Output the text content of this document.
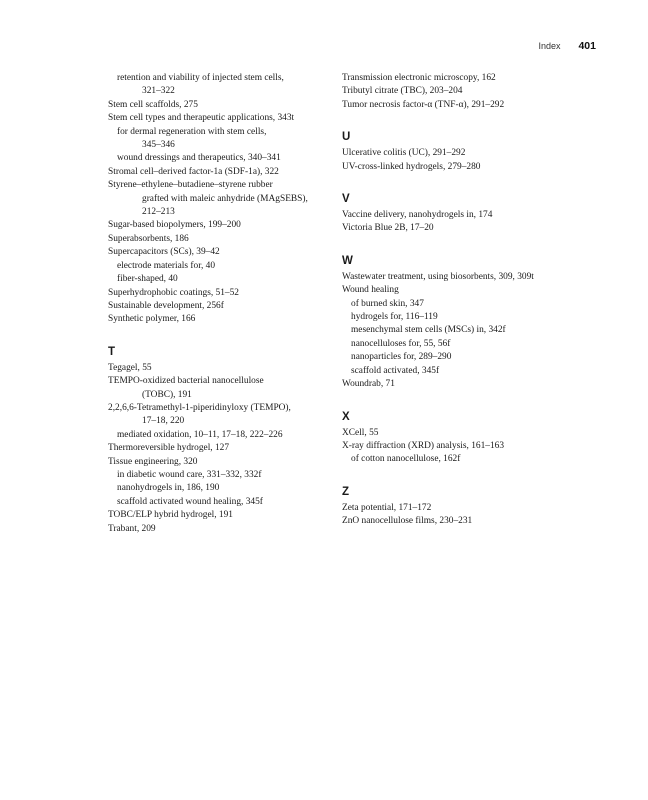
Index 401

retention and viability of injected stem cells,

321–322

Stem cell scaffolds, 275

Stem cell types and therapeutic applications, 343t

for dermal regeneration with stem cells,

345–346

wound dressings and therapeutics, 340–341

Stromal cell–derived factor-1a (SDF-1a), 322

Styrene–ethylene–butadiene–styrene rubber

grafted with maleic anhydride (MAgSEBS),

212–213

Sugar-based biopolymers, 199–200

Superabsorbents, 186

Supercapacitors (SCs), 39–42

electrode materials for, 40

fiber-shaped, 40

Superhydrophobic coatings, 51–52

Sustainable development, 256f

Synthetic polymer, 166

T

Tegagel, 55

TEMPO-oxidized bacterial nanocellulose

(TOBC), 191

2,2,6,6-Tetramethyl-1-piperidinyloxy (TEMPO),

17–18, 220

mediated oxidation, 10–11, 17–18, 222–226

Thermoreversible hydrogel, 127

Tissue engineering, 320

in diabetic wound care, 331–332, 332f

nanohydrogels in, 186, 190

scaffold activated wound healing, 345f

TOBC/ELP hybrid hydrogel, 191

Trabant, 209

Transmission electronic microscopy, 162

Tributyl citrate (TBC), 203–204

Tumor necrosis factor-α (TNF-α), 291–292

U

Ulcerative colitis (UC), 291–292

UV-cross-linked hydrogels, 279–280

V

Vaccine delivery, nanohydrogels in, 174

Victoria Blue 2B, 17–20

W

Wastewater treatment, using biosorbents, 309, 309t

Wound healing

of burned skin, 347

hydrogels for, 116–119

mesenchymal stem cells (MSCs) in, 342f

nanocelluloses for, 55, 56f

nanoparticles for, 289–290

scaffold activated, 345f

Woundrab, 71

X

XCell, 55

X-ray diffraction (XRD) analysis, 161–163

of cotton nanocellulose, 162f

Z

Zeta potential, 171–172

ZnO nanocellulose films, 230–231
